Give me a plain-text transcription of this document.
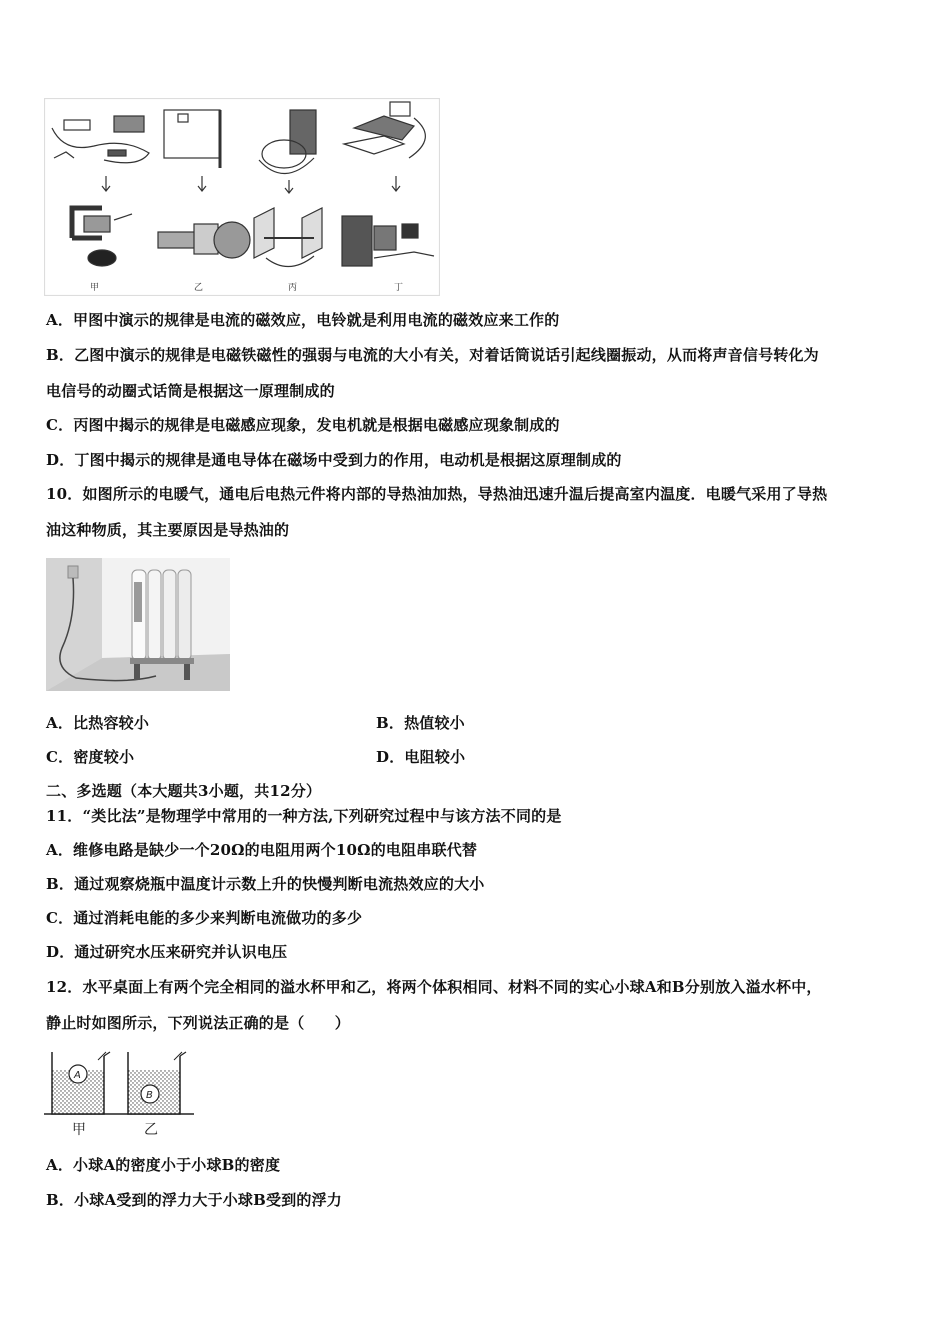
甲	乙	丙	丁
A．甲图中演示的规律是电流的磁效应，电铃就是利用电流的磁效应来工作的
B．乙图中演示的规律是电磁铁磁性的强弱与电流的大小有关，对着话筒说话引起线圈振动，从而将声音信号转化为
电信号的动圈式话筒是根据这一原理制成的
C．丙图中揭示的规律是电磁感应现象，发电机就是根据电磁感应现象制成的
D．丁图中揭示的规律是通电导体在磁场中受到力的作用，电动机是根据这原理制成的
10．如图所示的电暖气，通电后电热元件将内部的导热油加热，导热油迅速升温后提高室内温度．电暖气采用了导热
油这种物质，其主要原因是导热油的
A．比热容较小	B．热值较小
C．密度较小	D．电阻较小
二、多选题（本大题共3小题，共12分）
11．“类比法”是物理学中常用的一种方法,下列研究过程中与该方法不同的是
A．维修电路是缺少一个20Ω的电阻用两个10Ω的电阻串联代替
B．通过观察烧瓶中温度计示数上升的快慢判断电流热效应的大小
C．通过消耗电能的多少来判断电流做功的多少
D．通过研究水压来研究并认识电压
12．水平桌面上有两个完全相同的溢水杯甲和乙，将两个体积相同、材料不同的实心小球A和B分别放入溢水杯中，
静止时如图所示，下列说法正确的是（　　）
A
B
甲	乙
A．小球A的密度小于小球B的密度
B．小球A受到的浮力大于小球B受到的浮力
